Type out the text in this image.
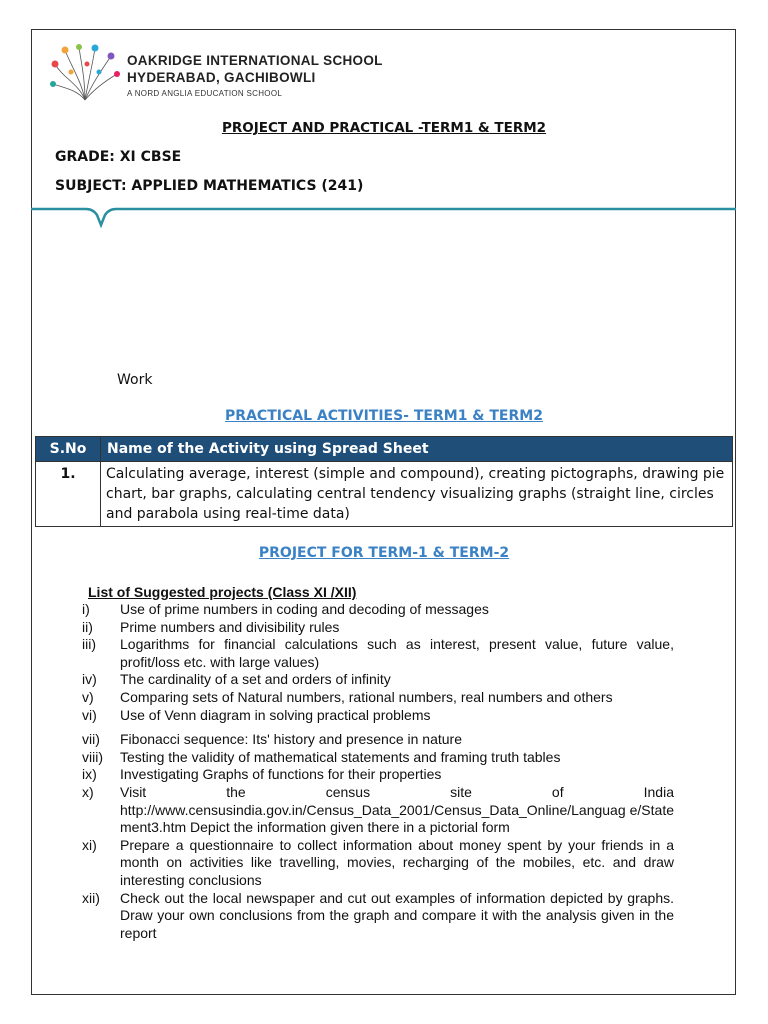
OAKRIDGE INTERNATIONAL SCHOOL
HYDERABAD, GACHIBOWLI
A NORD ANGLIA EDUCATION SCHOOL
PROJECT AND PRACTICAL -TERM1 & TERM2
GRADE: XI CBSE
SUBJECT: APPLIED MATHEMATICS (241)
Work
PRACTICAL ACTIVITIES- TERM1 & TERM2
S.No	Name of the Activity using Spread Sheet
1.	Calculating average, interest (simple and compound), creating pictographs, drawing pie chart, bar graphs, calculating central tendency visualizing graphs (straight line, circles and parabola using real-time data)
PROJECT FOR TERM-1 & TERM-2
List of Suggested projects (Class XI /XII)
i)	Use of prime numbers in coding and decoding of messages
ii)	Prime numbers and divisibility rules
iii)	Logarithms for financial calculations such as interest, present value, future value, profit/loss etc. with large values)
iv)	The cardinality of a set and orders of infinity
v)	Comparing sets of Natural numbers, rational numbers, real numbers and others
vi)	Use of Venn diagram in solving practical problems
vii)	Fibonacci sequence: Its' history and presence in nature
viii)	Testing the validity of mathematical statements and framing truth tables
ix)	Investigating Graphs of functions for their properties
x)	Visit the census site of India http://www.censusindia.gov.in/Census_Data_2001/Census_Data_Online/Languag e/State ment3.htm Depict the information given there in a pictorial form
xi)	Prepare a questionnaire to collect information about money spent by your friends in a month on activities like travelling, movies, recharging of the mobiles, etc. and draw interesting conclusions
xii)	Check out the local newspaper and cut out examples of information depicted by graphs. Draw your own conclusions from the graph and compare it with the analysis given in the report
